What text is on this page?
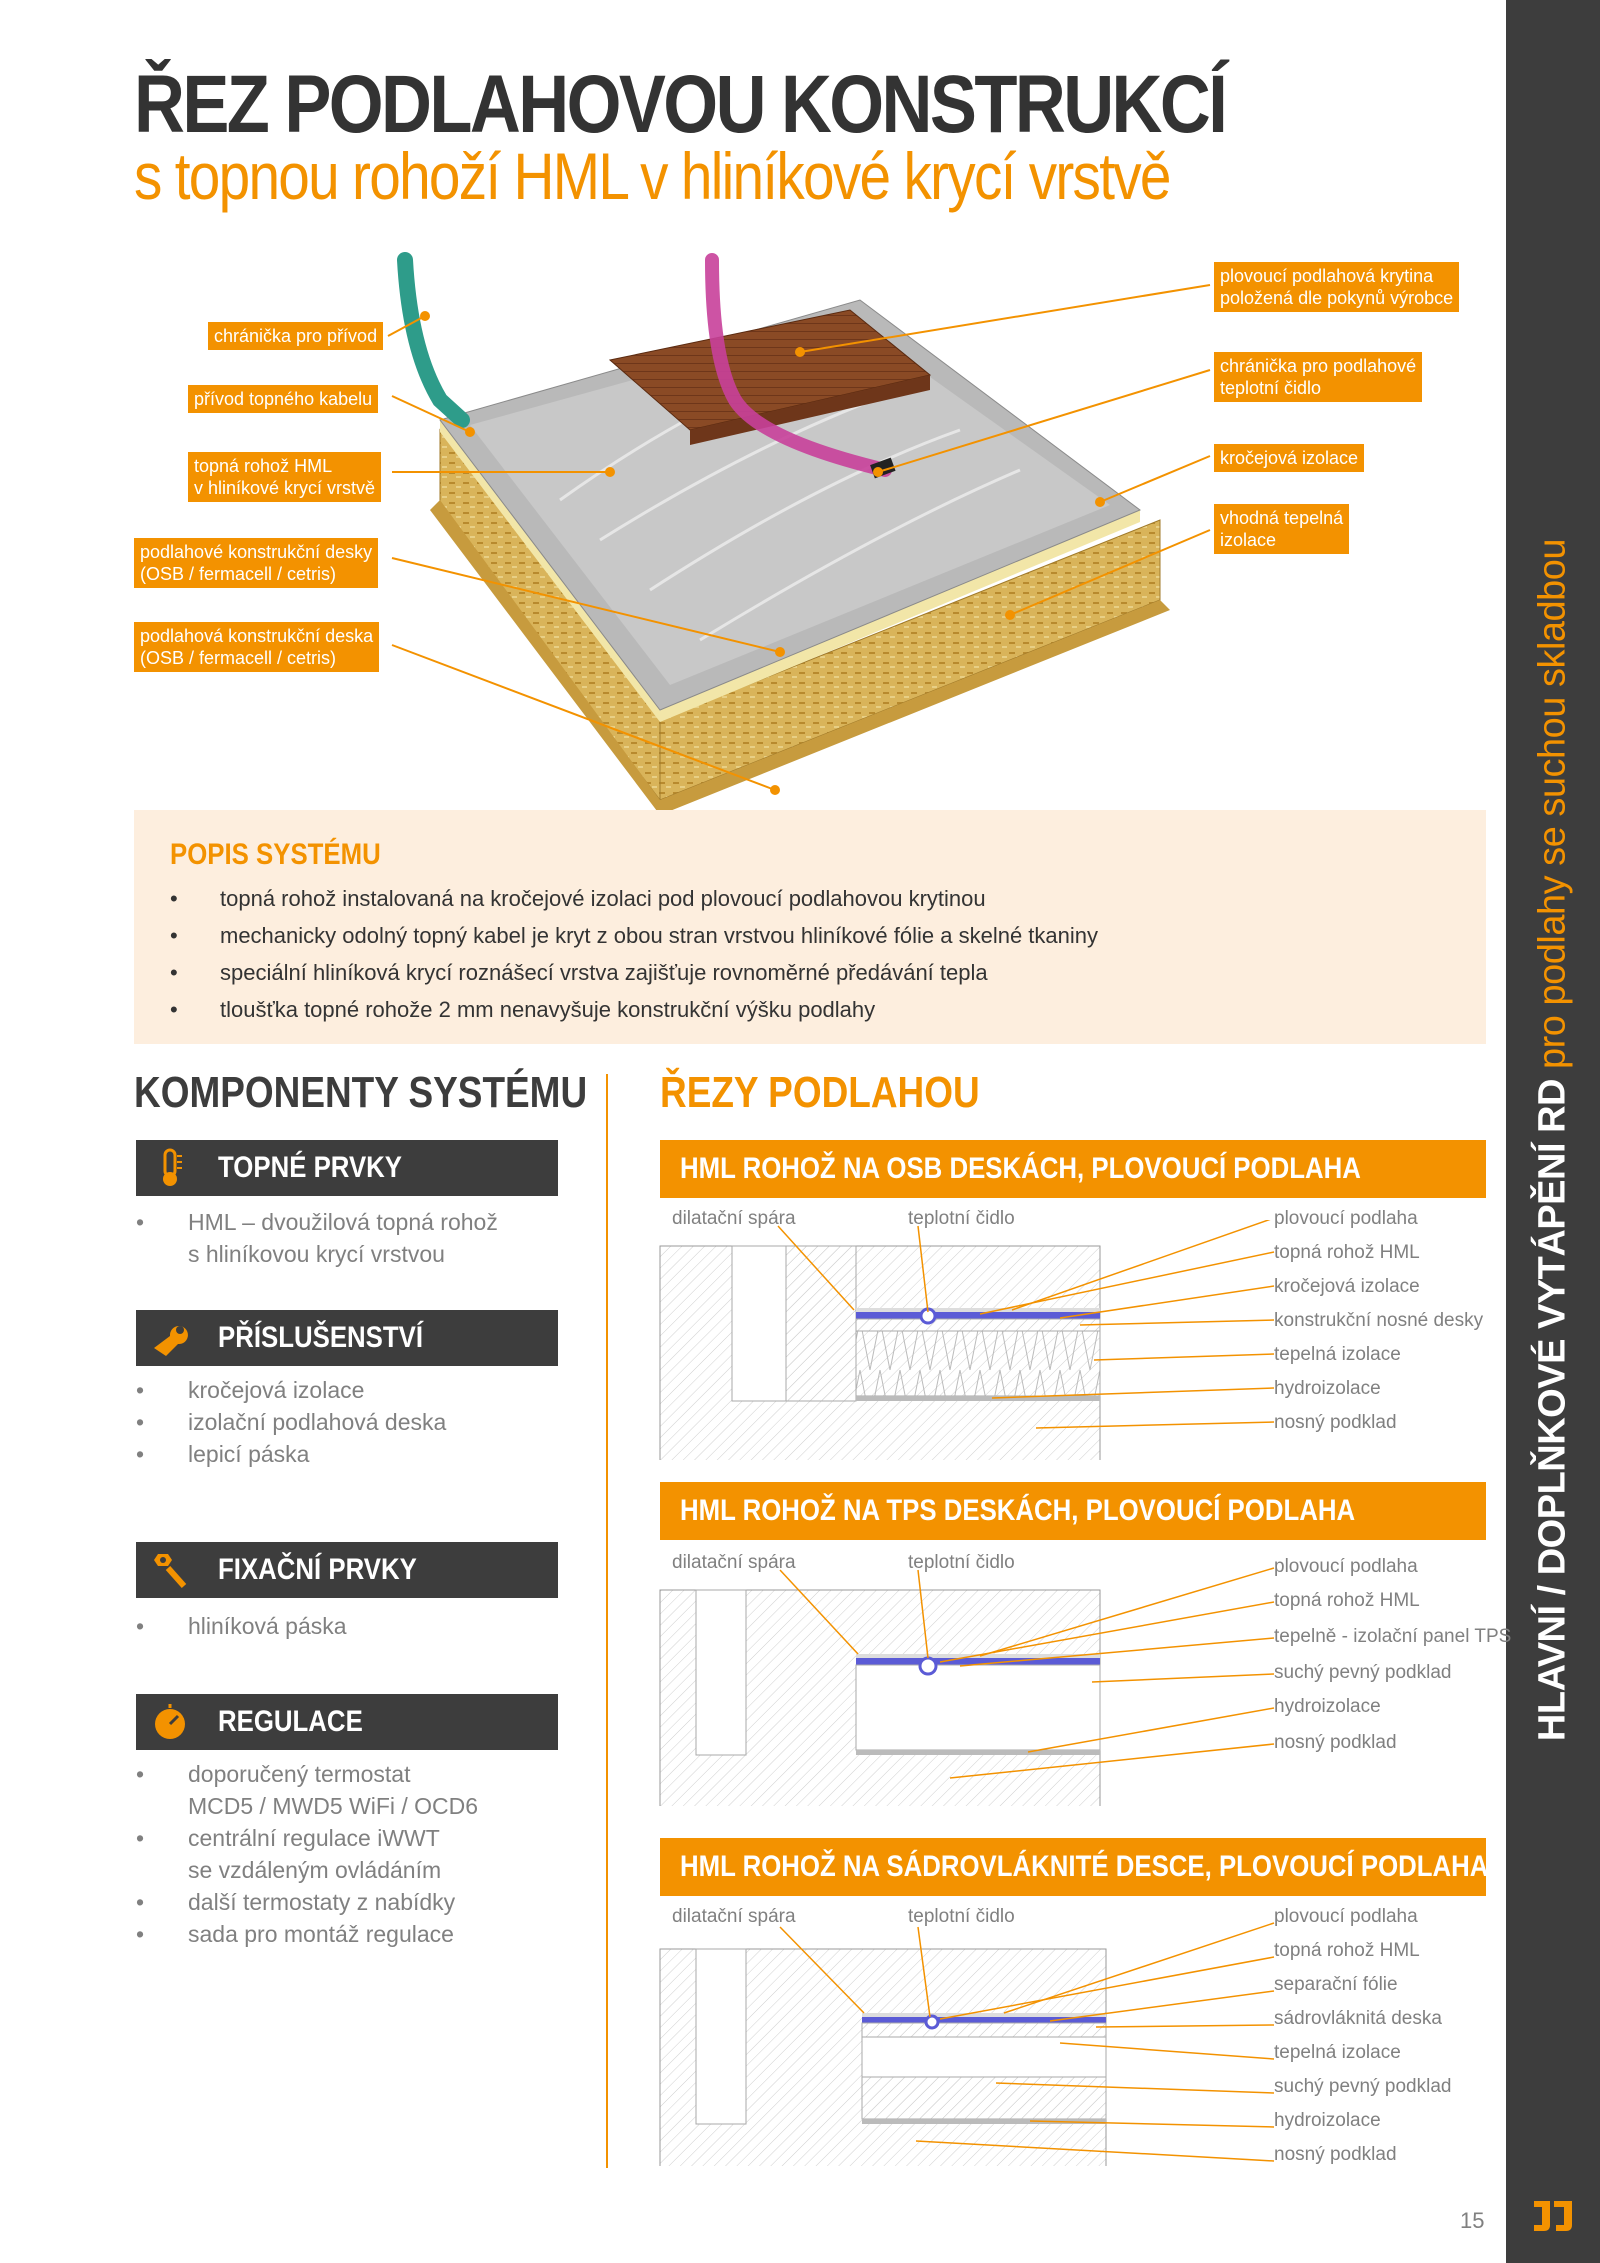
HLAVNÍ / DOPLŇKOVÉ VYTÁPĚNÍ RD pro podlahy se suchou skladbou
ŘEZ PODLAHOVOU KONSTRUKCÍ
s topnou rohoží HML v hliníkové krycí vrstvě
chránička pro přívod
přívod topného kabelu
topná rohož HML
v hliníkové krycí vrstvě
podlahové konstrukční desky
(OSB / fermacell / cetris)
podlahová konstrukční deska
(OSB / fermacell / cetris)
plovoucí podlahová krytina
položená dle pokynů výrobce
chránička pro podlahové
teplotní čidlo
kročejová izolace
vhodná tepelná
izolace
POPIS SYSTÉMU
• topná rohož instalovaná na kročejové izolaci pod plovoucí podlahovou krytinou
• mechanicky odolný topný kabel je kryt z obou stran vrstvou hliníkové fólie a skelné tkaniny
• speciální hliníková krycí roznášecí vrstva zajišťuje rovnoměrné předávání tepla
• tloušťka topné rohože 2 mm nenavyšuje konstrukční výšku podlahy
KOMPONENTY SYSTÉMU
TOPNÉ PRVKY
• HML – dvoužilová topná rohož
s hliníkovou krycí vrstvou
PŘÍSLUŠENSTVÍ
• kročejová izolace
• izolační podlahová deska
• lepicí páska
FIXAČNÍ PRVKY
• hliníková páska
REGULACE
• doporučený termostat
MCD5 / MWD5 WiFi / OCD6
• centrální regulace iWWT
se vzdáleným ovládáním
• další termostaty z nabídky
• sada pro montáž regulace
ŘEZY PODLAHOU
HML ROHOŽ NA OSB DESKÁCH, PLOVOUCÍ PODLAHA
dilatační spára	teplotní čidlo	plovoucí podlaha
topná rohož HML
kročejová izolace
konstrukční nosné desky
tepelná izolace
hydroizolace
nosný podklad
HML ROHOŽ NA TPS DESKÁCH, PLOVOUCÍ PODLAHA
dilatační spára	teplotní čidlo	plovoucí podlaha
topná rohož HML
tepelně - izolační panel TPS
suchý pevný podklad
hydroizolace
nosný podklad
HML ROHOŽ NA SÁDROVLÁKNITÉ DESCE, PLOVOUCÍ PODLAHA
dilatační spára	teplotní čidlo	plovoucí podlaha
topná rohož HML
separační fólie
sádrovláknitá deska
tepelná izolace
suchý pevný podklad
hydroizolace
nosný podklad
15
